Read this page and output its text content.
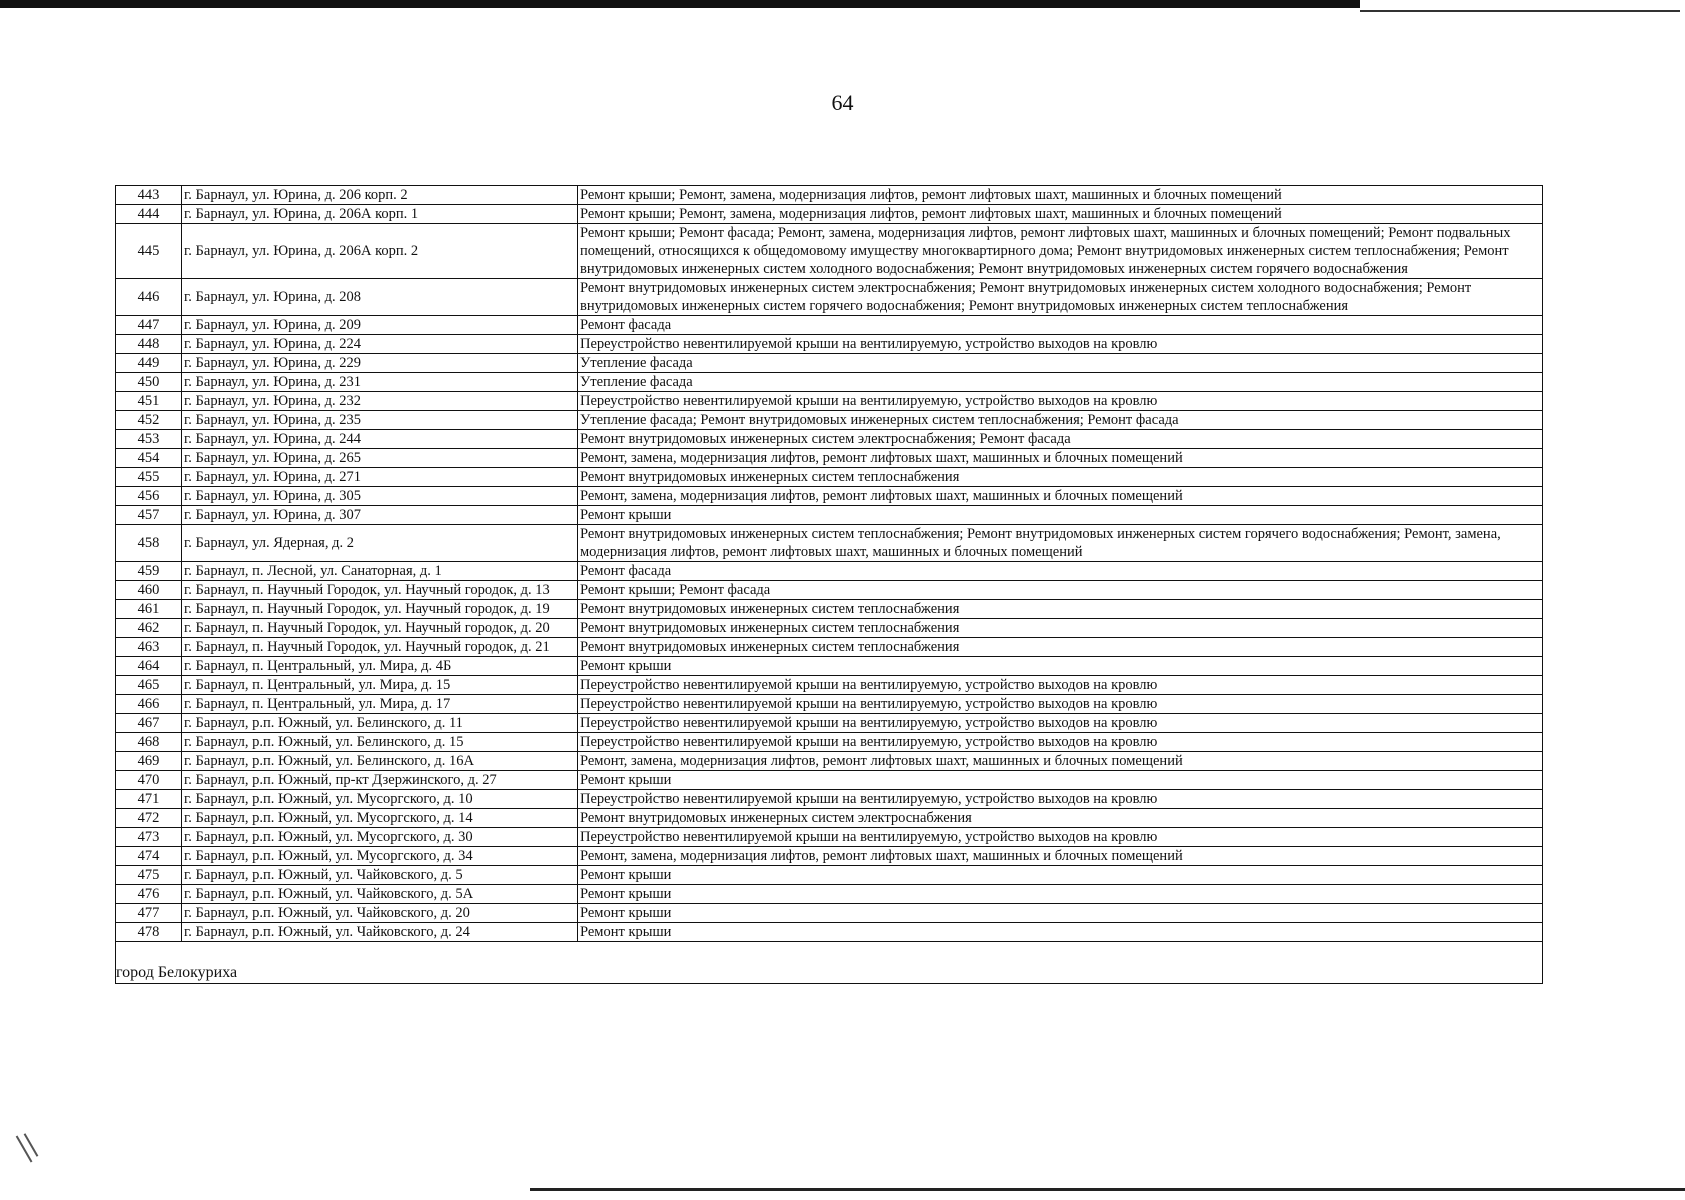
64
443	г. Барнаул, ул. Юрина, д. 206 корп. 2	Ремонт крыши; Ремонт, замена, модернизация лифтов, ремонт лифтовых шахт, машинных и блочных помещений
444	г. Барнаул, ул. Юрина, д. 206А корп. 1	Ремонт крыши; Ремонт, замена, модернизация лифтов, ремонт лифтовых шахт, машинных и блочных помещений
445	г. Барнаул, ул. Юрина, д. 206А корп. 2	Ремонт крыши; Ремонт фасада; Ремонт, замена, модернизация лифтов, ремонт лифтовых шахт, машинных и блочных помещений; Ремонт подвальных помещений, относящихся к общедомовому имуществу многоквартирного дома; Ремонт внутридомовых инженерных систем теплоснабжения; Ремонт внутридомовых инженерных систем холодного водоснабжения; Ремонт внутридомовых инженерных систем горячего водоснабжения
446	г. Барнаул, ул. Юрина, д. 208	Ремонт внутридомовых инженерных систем электроснабжения; Ремонт внутридомовых инженерных систем холодного водоснабжения; Ремонт внутридомовых инженерных систем горячего водоснабжения; Ремонт внутридомовых инженерных систем теплоснабжения
447	г. Барнаул, ул. Юрина, д. 209	Ремонт фасада
448	г. Барнаул, ул. Юрина, д. 224	Переустройство невентилируемой крыши на вентилируемую, устройство выходов на кровлю
449	г. Барнаул, ул. Юрина, д. 229	Утепление фасада
450	г. Барнаул, ул. Юрина, д. 231	Утепление фасада
451	г. Барнаул, ул. Юрина, д. 232	Переустройство невентилируемой крыши на вентилируемую, устройство выходов на кровлю
452	г. Барнаул, ул. Юрина, д. 235	Утепление фасада; Ремонт внутридомовых инженерных систем теплоснабжения; Ремонт фасада
453	г. Барнаул, ул. Юрина, д. 244	Ремонт внутридомовых инженерных систем электроснабжения; Ремонт фасада
454	г. Барнаул, ул. Юрина, д. 265	Ремонт, замена, модернизация лифтов, ремонт лифтовых шахт, машинных и блочных помещений
455	г. Барнаул, ул. Юрина, д. 271	Ремонт внутридомовых инженерных систем теплоснабжения
456	г. Барнаул, ул. Юрина, д. 305	Ремонт, замена, модернизация лифтов, ремонт лифтовых шахт, машинных и блочных помещений
457	г. Барнаул, ул. Юрина, д. 307	Ремонт крыши
458	г. Барнаул, ул. Ядерная, д. 2	Ремонт внутридомовых инженерных систем теплоснабжения; Ремонт внутридомовых инженерных систем горячего водоснабжения; Ремонт, замена, модернизация лифтов, ремонт лифтовых шахт, машинных и блочных помещений
459	г. Барнаул, п. Лесной, ул. Санаторная, д. 1	Ремонт фасада
460	г. Барнаул, п. Научный Городок, ул. Научный городок, д. 13	Ремонт крыши; Ремонт фасада
461	г. Барнаул, п. Научный Городок, ул. Научный городок, д. 19	Ремонт внутридомовых инженерных систем теплоснабжения
462	г. Барнаул, п. Научный Городок, ул. Научный городок, д. 20	Ремонт внутридомовых инженерных систем теплоснабжения
463	г. Барнаул, п. Научный Городок, ул. Научный городок, д. 21	Ремонт внутридомовых инженерных систем теплоснабжения
464	г. Барнаул, п. Центральный, ул. Мира, д. 4Б	Ремонт крыши
465	г. Барнаул, п. Центральный, ул. Мира, д. 15	Переустройство невентилируемой крыши на вентилируемую, устройство выходов на кровлю
466	г. Барнаул, п. Центральный, ул. Мира, д. 17	Переустройство невентилируемой крыши на вентилируемую, устройство выходов на кровлю
467	г. Барнаул, р.п. Южный, ул. Белинского, д. 11	Переустройство невентилируемой крыши на вентилируемую, устройство выходов на кровлю
468	г. Барнаул, р.п. Южный, ул. Белинского, д. 15	Переустройство невентилируемой крыши на вентилируемую, устройство выходов на кровлю
469	г. Барнаул, р.п. Южный, ул. Белинского, д. 16А	Ремонт, замена, модернизация лифтов, ремонт лифтовых шахт, машинных и блочных помещений
470	г. Барнаул, р.п. Южный, пр-кт Дзержинского, д. 27	Ремонт крыши
471	г. Барнаул, р.п. Южный, ул. Мусоргского, д. 10	Переустройство невентилируемой крыши на вентилируемую, устройство выходов на кровлю
472	г. Барнаул, р.п. Южный, ул. Мусоргского, д. 14	Ремонт внутридомовых инженерных систем электроснабжения
473	г. Барнаул, р.п. Южный, ул. Мусоргского, д. 30	Переустройство невентилируемой крыши на вентилируемую, устройство выходов на кровлю
474	г. Барнаул, р.п. Южный, ул. Мусоргского, д. 34	Ремонт, замена, модернизация лифтов, ремонт лифтовых шахт, машинных и блочных помещений
475	г. Барнаул, р.п. Южный, ул. Чайковского, д. 5	Ремонт крыши
476	г. Барнаул, р.п. Южный, ул. Чайковского, д. 5А	Ремонт крыши
477	г. Барнаул, р.п. Южный, ул. Чайковского, д. 20	Ремонт крыши
478	г. Барнаул, р.п. Южный, ул. Чайковского, д. 24	Ремонт крыши
город Белокуриха		
